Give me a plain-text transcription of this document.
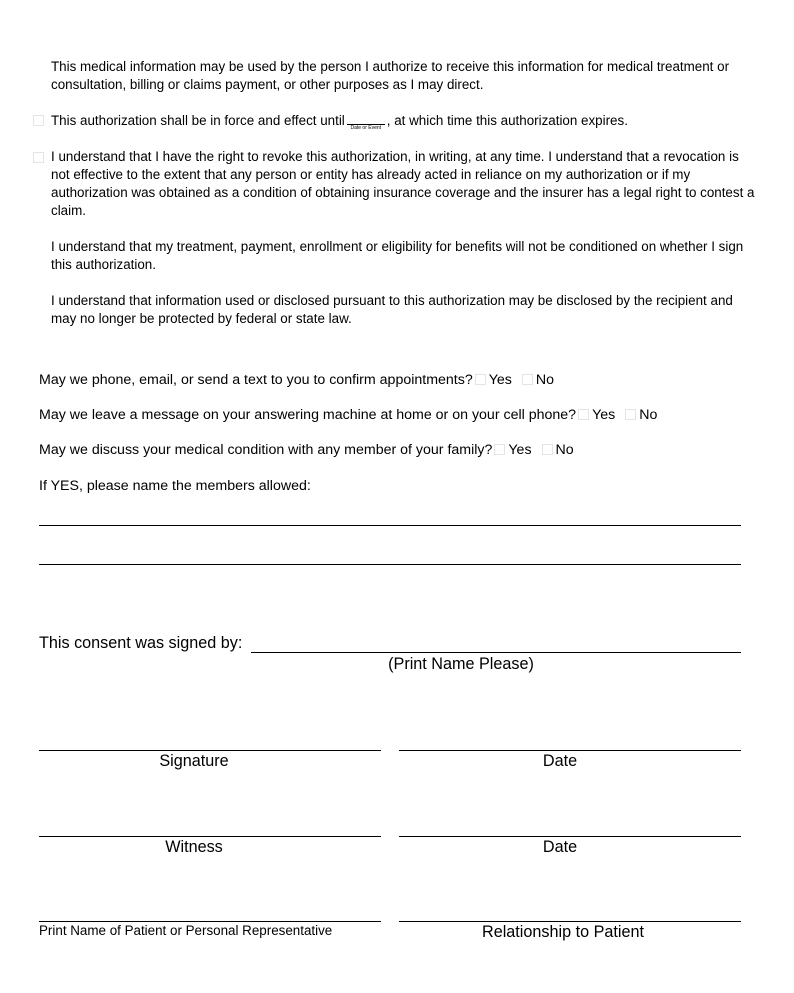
This medical information may be used by the person I authorize to receive this information for medical treatment or consultation, billing or claims payment, or other purposes as I may direct.

This authorization shall be in force and effect until	Date or Event , at which time this authorization expires.

I understand that I have the right to revoke this authorization, in writing, at any time. I understand that a revocation is not effective to the extent that any person or entity has already acted in reliance on my authorization or if my authorization was obtained as a condition of obtaining insurance coverage and the insurer has a legal right to contest a claim.

I understand that my treatment, payment, enrollment or eligibility for benefits will not be conditioned on whether I sign this authorization.

I understand that information used or disclosed pursuant to this authorization may be disclosed by the recipient and may no longer be protected by federal or state law.

May we phone, email, or send a text to you to confirm appointments? Yes No
May we leave a message on your answering machine at home or on your cell phone? Yes No
May we discuss your medical condition with any member of your family? Yes No
If YES, please name the members allowed:
This consent was signed by:
(Print Name Please)
Signature	Date
Witness	Date
Print Name of Patient or Personal Representative	Relationship to Patient
